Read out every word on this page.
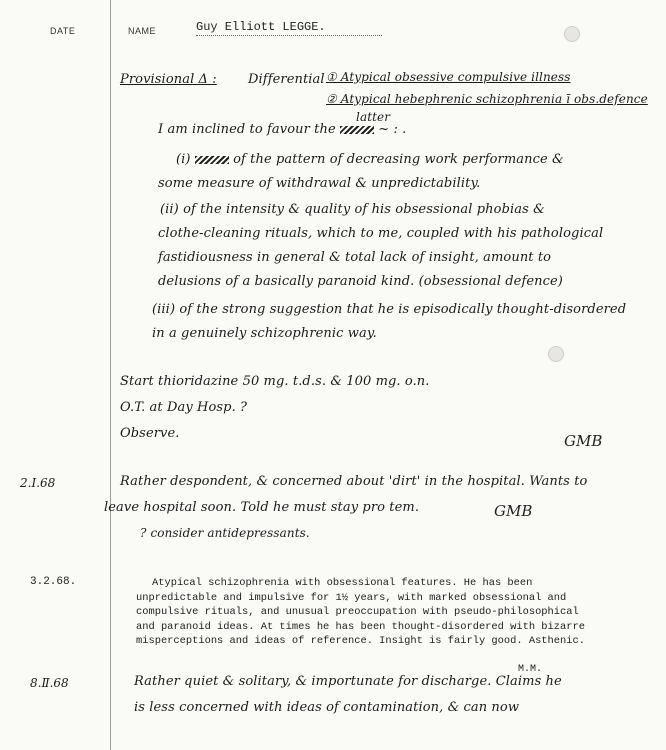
DATE	NAME	Guy Elliott LEGGE.
Provisional Δ : Differential ① Atypical obsessive compulsive illness
② Atypical hebephrenic schizophrenia ī obs.defence
I am inclined to favour the	~ : .
latter
(i)	of the pattern of decreasing work performance &
some measure of withdrawal & unpredictability.
(ii) of the intensity & quality of his obsessional phobias &
clothe-cleaning rituals, which to me, coupled with his pathological
fastidiousness in general & total lack of insight, amount to
delusions of a basically paranoid kind. (obsessional defence)
(iii) of the strong suggestion that he is episodically thought-disordered
in a genuinely schizophrenic way.
Start thioridazine 50 mg. t.d.s. & 100 mg. o.n.
O.T. at Day Hosp. ?
Observe.	GMB
2.Ⅰ.68	Rather despondent, & concerned about 'dirt' in the hospital. Wants to
leave hospital soon. Told he must stay pro tem.
? consider antidepressants.
GMB
3.2.68.	Atypical schizophrenia with obsessional features. He has been

unpredictable and impulsive for 1½ years, with marked obsessional and

compulsive rituals, and unusual preoccupation with pseudo-philosophical

and paranoid ideas. At times he has been thought-disordered with bizarre

misperceptions and ideas of reference. Insight is fairly good. Asthenic.

M.M.
8.Ⅱ.68	Rather quiet & solitary, & importunate for discharge. Claims he
is less concerned with ideas of contamination, & can now
